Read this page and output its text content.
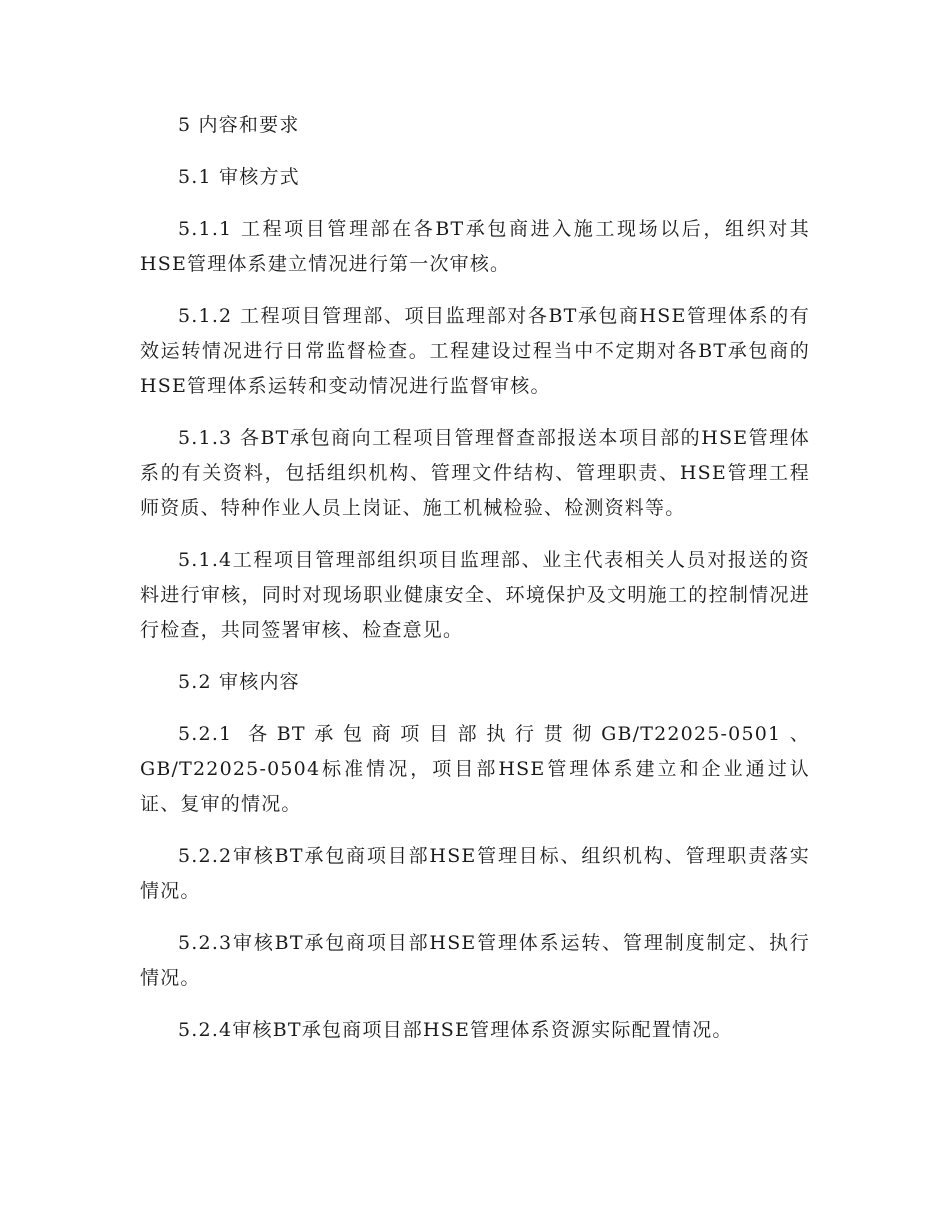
5 内容和要求

5.1 审核方式

5.1.1 工程项目管理部在各BT承包商进入施工现场以后，组织对其HSE管理体系建立情况进行第一次审核。

5.1.2 工程项目管理部、项目监理部对各BT承包商HSE管理体系的有效运转情况进行日常监督检查。工程建设过程当中不定期对各BT承包商的HSE管理体系运转和变动情况进行监督审核。

5.1.3 各BT承包商向工程项目管理督查部报送本项目部的HSE管理体系的有关资料，包括组织机构、管理文件结构、管理职责、HSE管理工程师资质、特种作业人员上岗证、施工机械检验、检测资料等。

5.1.4工程项目管理部组织项目监理部、业主代表相关人员对报送的资料进行审核，同时对现场职业健康安全、环境保护及文明施工的控制情况进行检查，共同签署审核、检查意见。

5.2 审核内容

5.2.1 各BT承包商项目部执行贯彻GB/T22025-0501、GB/T22025-0504标准情况，项目部HSE管理体系建立和企业通过认证、复审的情况。

5.2.2审核BT承包商项目部HSE管理目标、组织机构、管理职责落实情况。

5.2.3审核BT承包商项目部HSE管理体系运转、管理制度制定、执行情况。

5.2.4审核BT承包商项目部HSE管理体系资源实际配置情况。
